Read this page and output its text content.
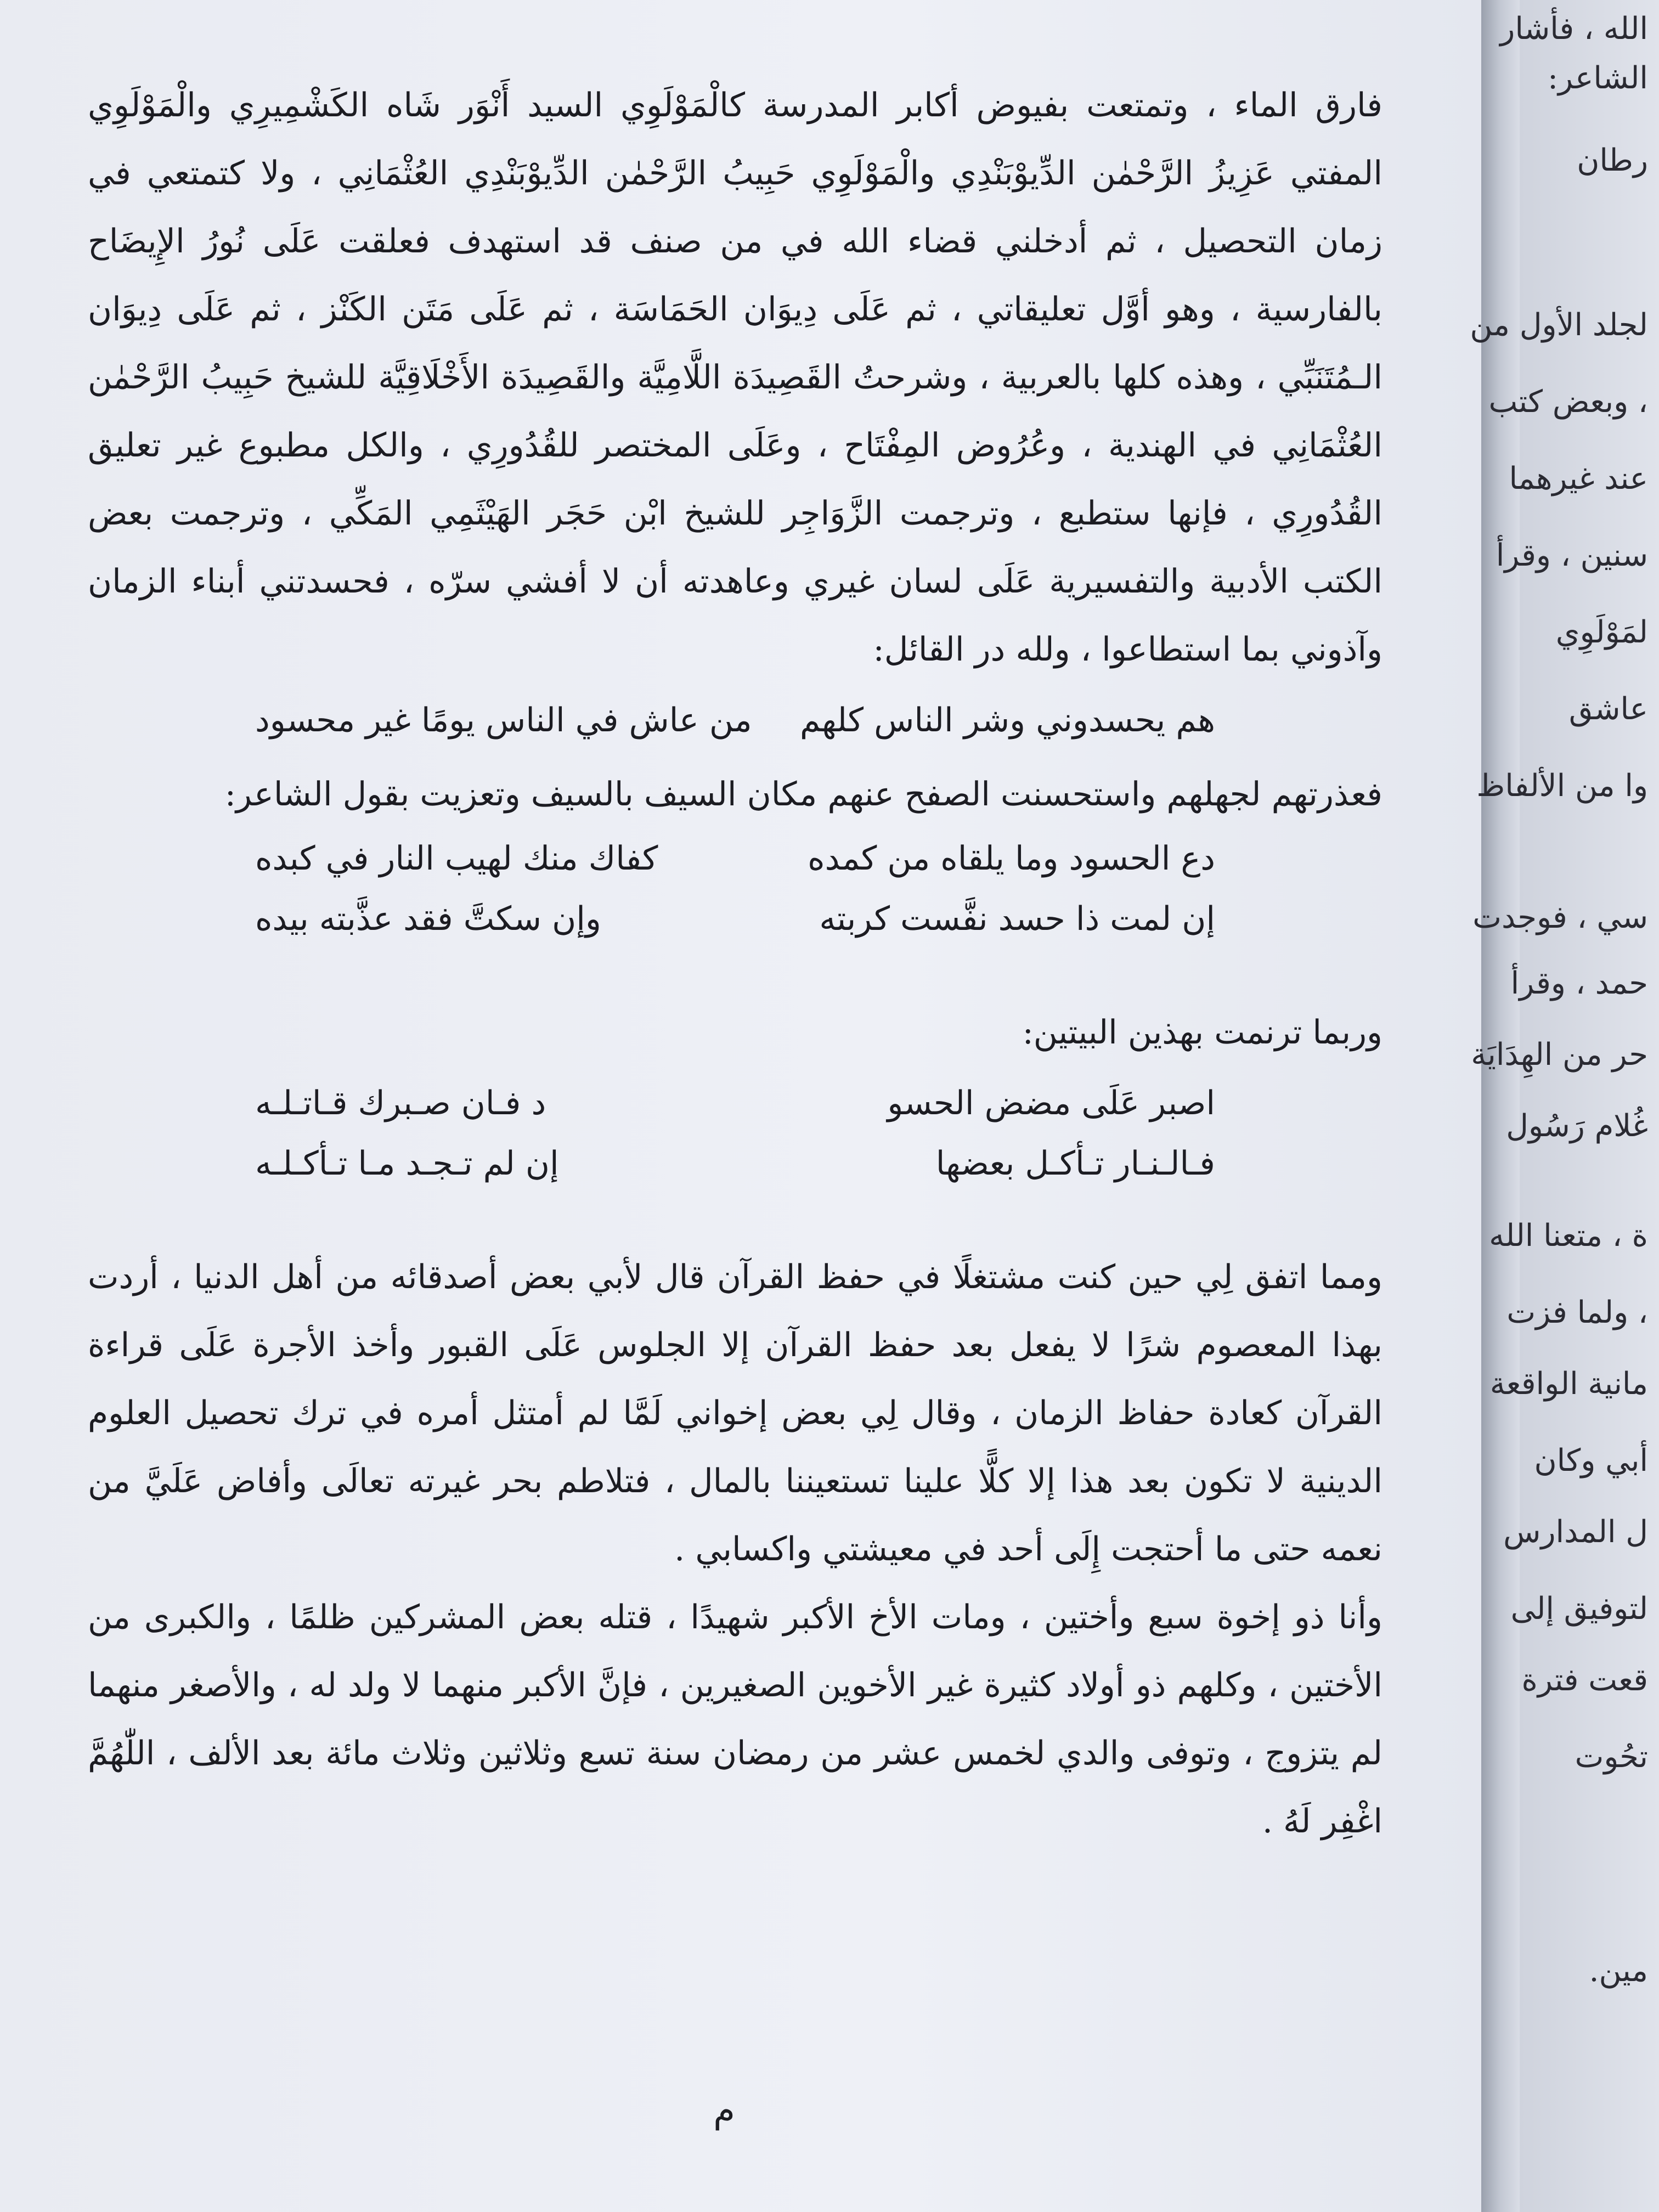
فارق الماء ، وتمتعت بفيوض أكابر المدرسة كالْمَوْلَوِي السيد أَنْوَر شَاه الكَشْمِيرِي والْمَوْلَوِي المفتي عَزِيزُ الرَّحْمٰن الدِّيوْبَنْدِي والْمَوْلَوِي حَبِيبُ الرَّحْمٰن الدِّيوْبَنْدِي العُثْمَانِي ، ولا كتمتعي في زمان التحصيل ، ثم أدخلني قضاء الله في من صنف قد استهدف فعلقت عَلَى نُورُ الإِيضَاح بالفارسية ، وهو أوَّل تعليقاتي ، ثم عَلَى دِيوَان الحَمَاسَة ، ثم عَلَى مَتَن الكَنْز ، ثم عَلَى دِيوَان الـمُتَنَبِّي ، وهذه كلها بالعربية ، وشرحتُ القَصِيدَة اللَّامِيَّة والقَصِيدَة الأَخْلَاقِيَّة للشيخ حَبِيبُ الرَّحْمٰن العُثْمَانِي في الهندية ، وعُرُوض المِفْتَاح ، وعَلَى المختصر للقُدُورِي ، والكل مطبوع غير تعليق القُدُورِي ، فإنها ستطبع ، وترجمت الزَّوَاجِر للشيخ ابْن حَجَر الهَيْثَمِي المَكِّي ، وترجمت بعض الكتب الأدبية والتفسيرية عَلَى لسان غيري وعاهدته أن لا أفشي سرّه ، فحسدتني أبناء الزمان وآذوني بما استطاعوا ، ولله در القائل:

هم يحسدوني وشر الناس كلهم
من عاش في الناس يومًا غير محسود

فعذرتهم لجهلهم واستحسنت الصفح عنهم مكان السيف بالسيف وتعزيت بقول الشاعر:

دع الحسود وما يلقاه من كمده
كفاك منك لهيب النار في كبده
إن لمت ذا حسد نفَّست كربته
وإن سكتَّ فقد عذَّبته بيده

وربما ترنمت بهذين البيتين:

اصبر عَلَى مضض الحسو
د فـان صـبرك قـاتـلـه
فـالـنـار تـأكـل بعضها
إن لم تـجـد مـا تـأكـلـه

ومما اتفق لِي حين كنت مشتغلًا في حفظ القرآن قال لأبي بعض أصدقائه من أهل الدنيا ، أردت بهذا المعصوم شرًا لا يفعل بعد حفظ القرآن إلا الجلوس عَلَى القبور وأخذ الأجرة عَلَى قراءة القرآن كعادة حفاظ الزمان ، وقال لِي بعض إخواني لَمَّا لم أمتثل أمره في ترك تحصيل العلوم الدينية لا تكون بعد هذا إلا كلًّا علينا تستعيننا بالمال ، فتلاطم بحر غيرته تعالَى وأفاض عَلَيَّ من نعمه حتى ما أحتجت إِلَى أحد في معيشتي واكسابي .

وأنا ذو إخوة سبع وأختين ، ومات الأخ الأكبر شهيدًا ، قتله بعض المشركين ظلمًا ، والكبرى من الأختين ، وكلهم ذو أولاد كثيرة غير الأخوين الصغيرين ، فإنَّ الأكبر منهما لا ولد له ، والأصغر منهما لم يتزوج ، وتوفى والدي لخمس عشر من رمضان سنة تسع وثلاثين وثلاث مائة بعد الألف ، اللّٰهُمَّ اغْفِر لَهُ .

م
الله ، فأشار
الشاعر:
رطان
لجلد الأول من
، وبعض كتب
عند غيرهما
سنين ، وقرأ
لمَوْلَوِي
عاشق
وا من الألفاظ
سي ، فوجدت
حمد ، وقرأ
حر من الهِدَايَة
غُلام رَسُول
ة ، متعنا الله
، ولما فزت
مانية الواقعة
أبي وكان
ل المدارس
لتوفيق إلى
قعت فترة
تحُوت
مين.
